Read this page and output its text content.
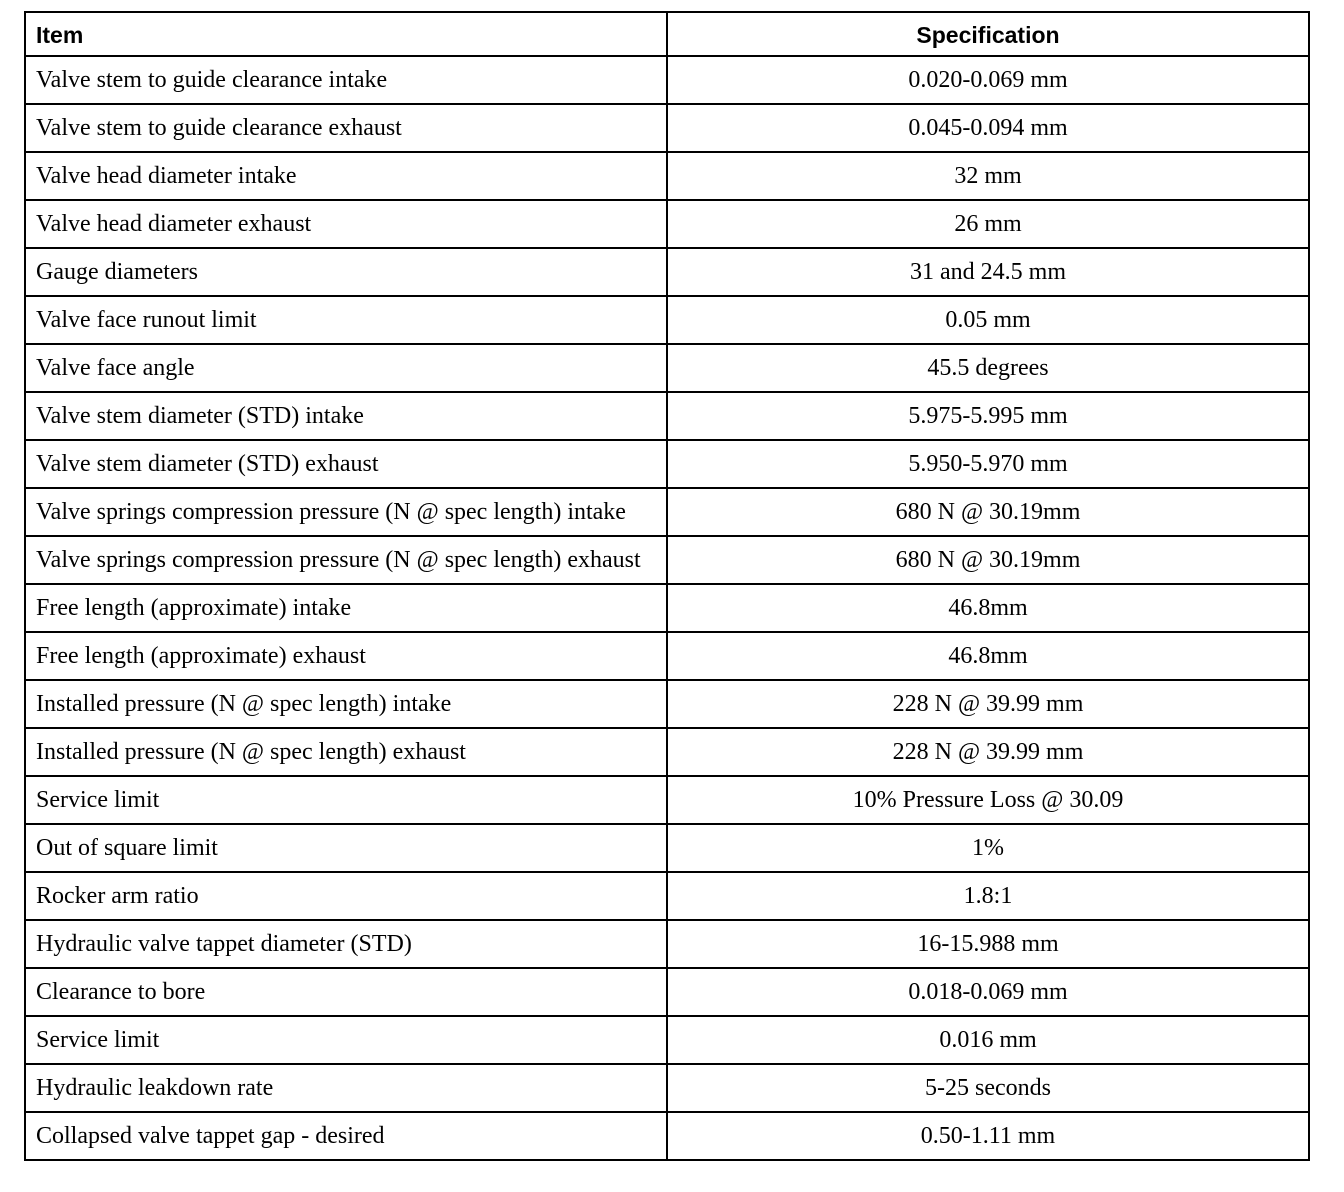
Item	Specification
Valve stem to guide clearance intake	0.020-0.069 mm
Valve stem to guide clearance exhaust	0.045-0.094 mm
Valve head diameter intake	32 mm
Valve head diameter exhaust	26 mm
Gauge diameters	31 and 24.5 mm
Valve face runout limit	0.05 mm
Valve face angle	45.5 degrees
Valve stem diameter (STD) intake	5.975-5.995 mm
Valve stem diameter (STD) exhaust	5.950-5.970 mm
Valve springs compression pressure (N @ spec length) intake	680 N @ 30.19mm
Valve springs compression pressure (N @ spec length) exhaust	680 N @ 30.19mm
Free length (approximate) intake	46.8mm
Free length (approximate) exhaust	46.8mm
Installed pressure (N @ spec length) intake	228 N @ 39.99 mm
Installed pressure (N @ spec length) exhaust	228 N @ 39.99 mm
Service limit	10% Pressure Loss @ 30.09
Out of square limit	1%
Rocker arm ratio	1.8:1
Hydraulic valve tappet diameter (STD)	16-15.988 mm
Clearance to bore	0.018-0.069 mm
Service limit	0.016 mm
Hydraulic leakdown rate	5-25 seconds
Collapsed valve tappet gap - desired	0.50-1.11 mm
